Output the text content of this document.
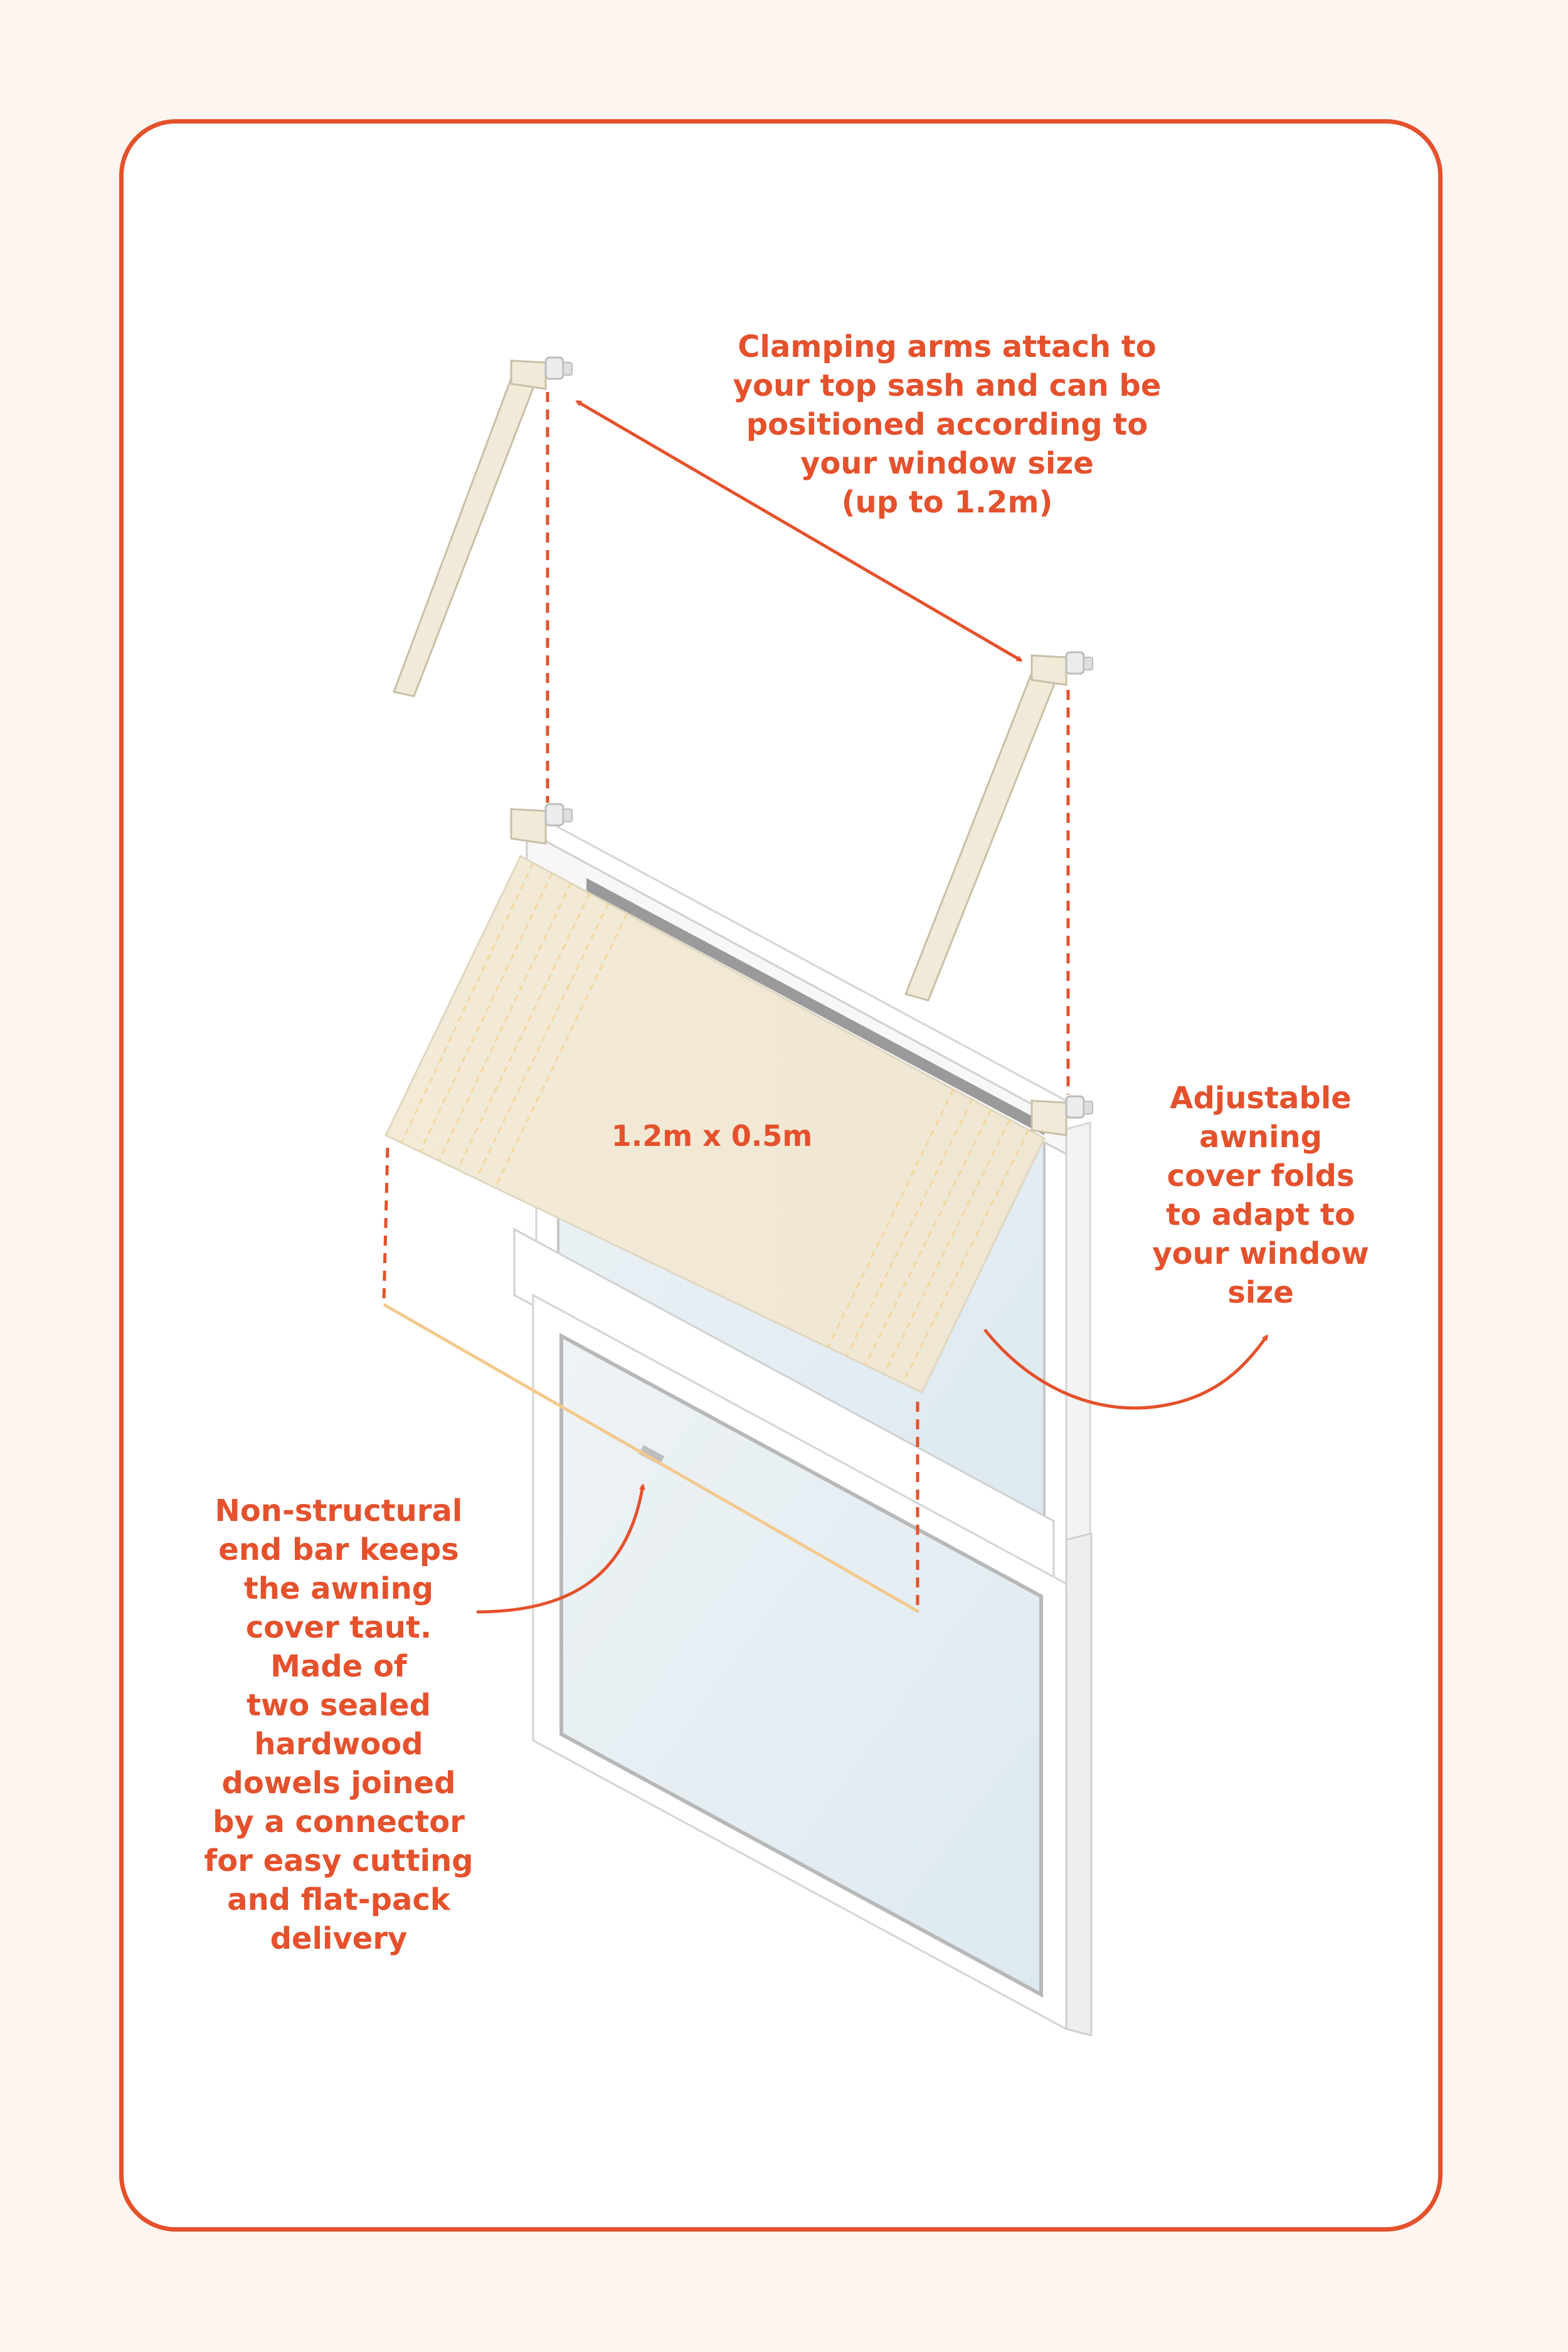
Clamping arms attach to
your top sash and can be
positioned according to
your window size
(up to 1.2m)

Adjustable
awning
cover folds
to adapt to
your window
size

Non-structural
end bar keeps
the awning
cover taut.
Made of
two sealed
hardwood
dowels joined
by a connector
for easy cutting
and flat-pack
delivery

1.2m x 0.5m
